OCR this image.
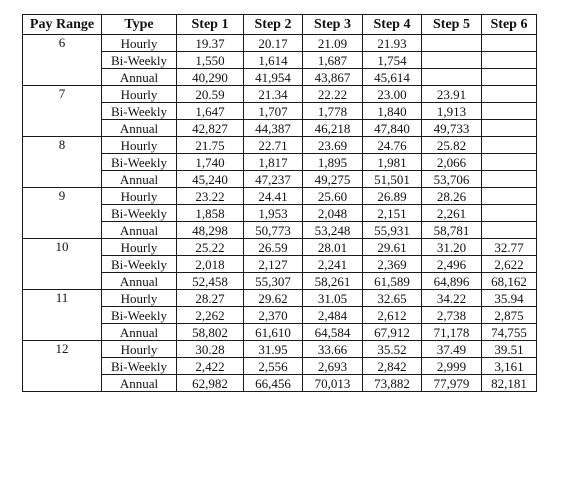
Pay Range	Type	Step 1	Step 2	Step 3	Step 4	Step 5	Step 6
6	Hourly	19.37	20.17	21.09	21.93		
	Bi-Weekly	1,550	1,614	1,687	1,754		
	Annual	40,290	41,954	43,867	45,614		
7	Hourly	20.59	21.34	22.22	23.00	23.91	
	Bi-Weekly	1,647	1,707	1,778	1,840	1,913	
	Annual	42,827	44,387	46,218	47,840	49,733	
8	Hourly	21.75	22.71	23.69	24.76	25.82	
	Bi-Weekly	1,740	1,817	1,895	1,981	2,066	
	Annual	45,240	47,237	49,275	51,501	53,706	
9	Hourly	23.22	24.41	25.60	26.89	28.26	
	Bi-Weekly	1,858	1,953	2,048	2,151	2,261	
	Annual	48,298	50,773	53,248	55,931	58,781	
10	Hourly	25.22	26.59	28.01	29.61	31.20	32.77
	Bi-Weekly	2,018	2,127	2,241	2,369	2,496	2,622
	Annual	52,458	55,307	58,261	61,589	64,896	68,162
11	Hourly	28.27	29.62	31.05	32.65	34.22	35.94
	Bi-Weekly	2,262	2,370	2,484	2,612	2,738	2,875
	Annual	58,802	61,610	64,584	67,912	71,178	74,755
12	Hourly	30.28	31.95	33.66	35.52	37.49	39.51
	Bi-Weekly	2,422	2,556	2,693	2,842	2,999	3,161
	Annual	62,982	66,456	70,013	73,882	77,979	82,181
